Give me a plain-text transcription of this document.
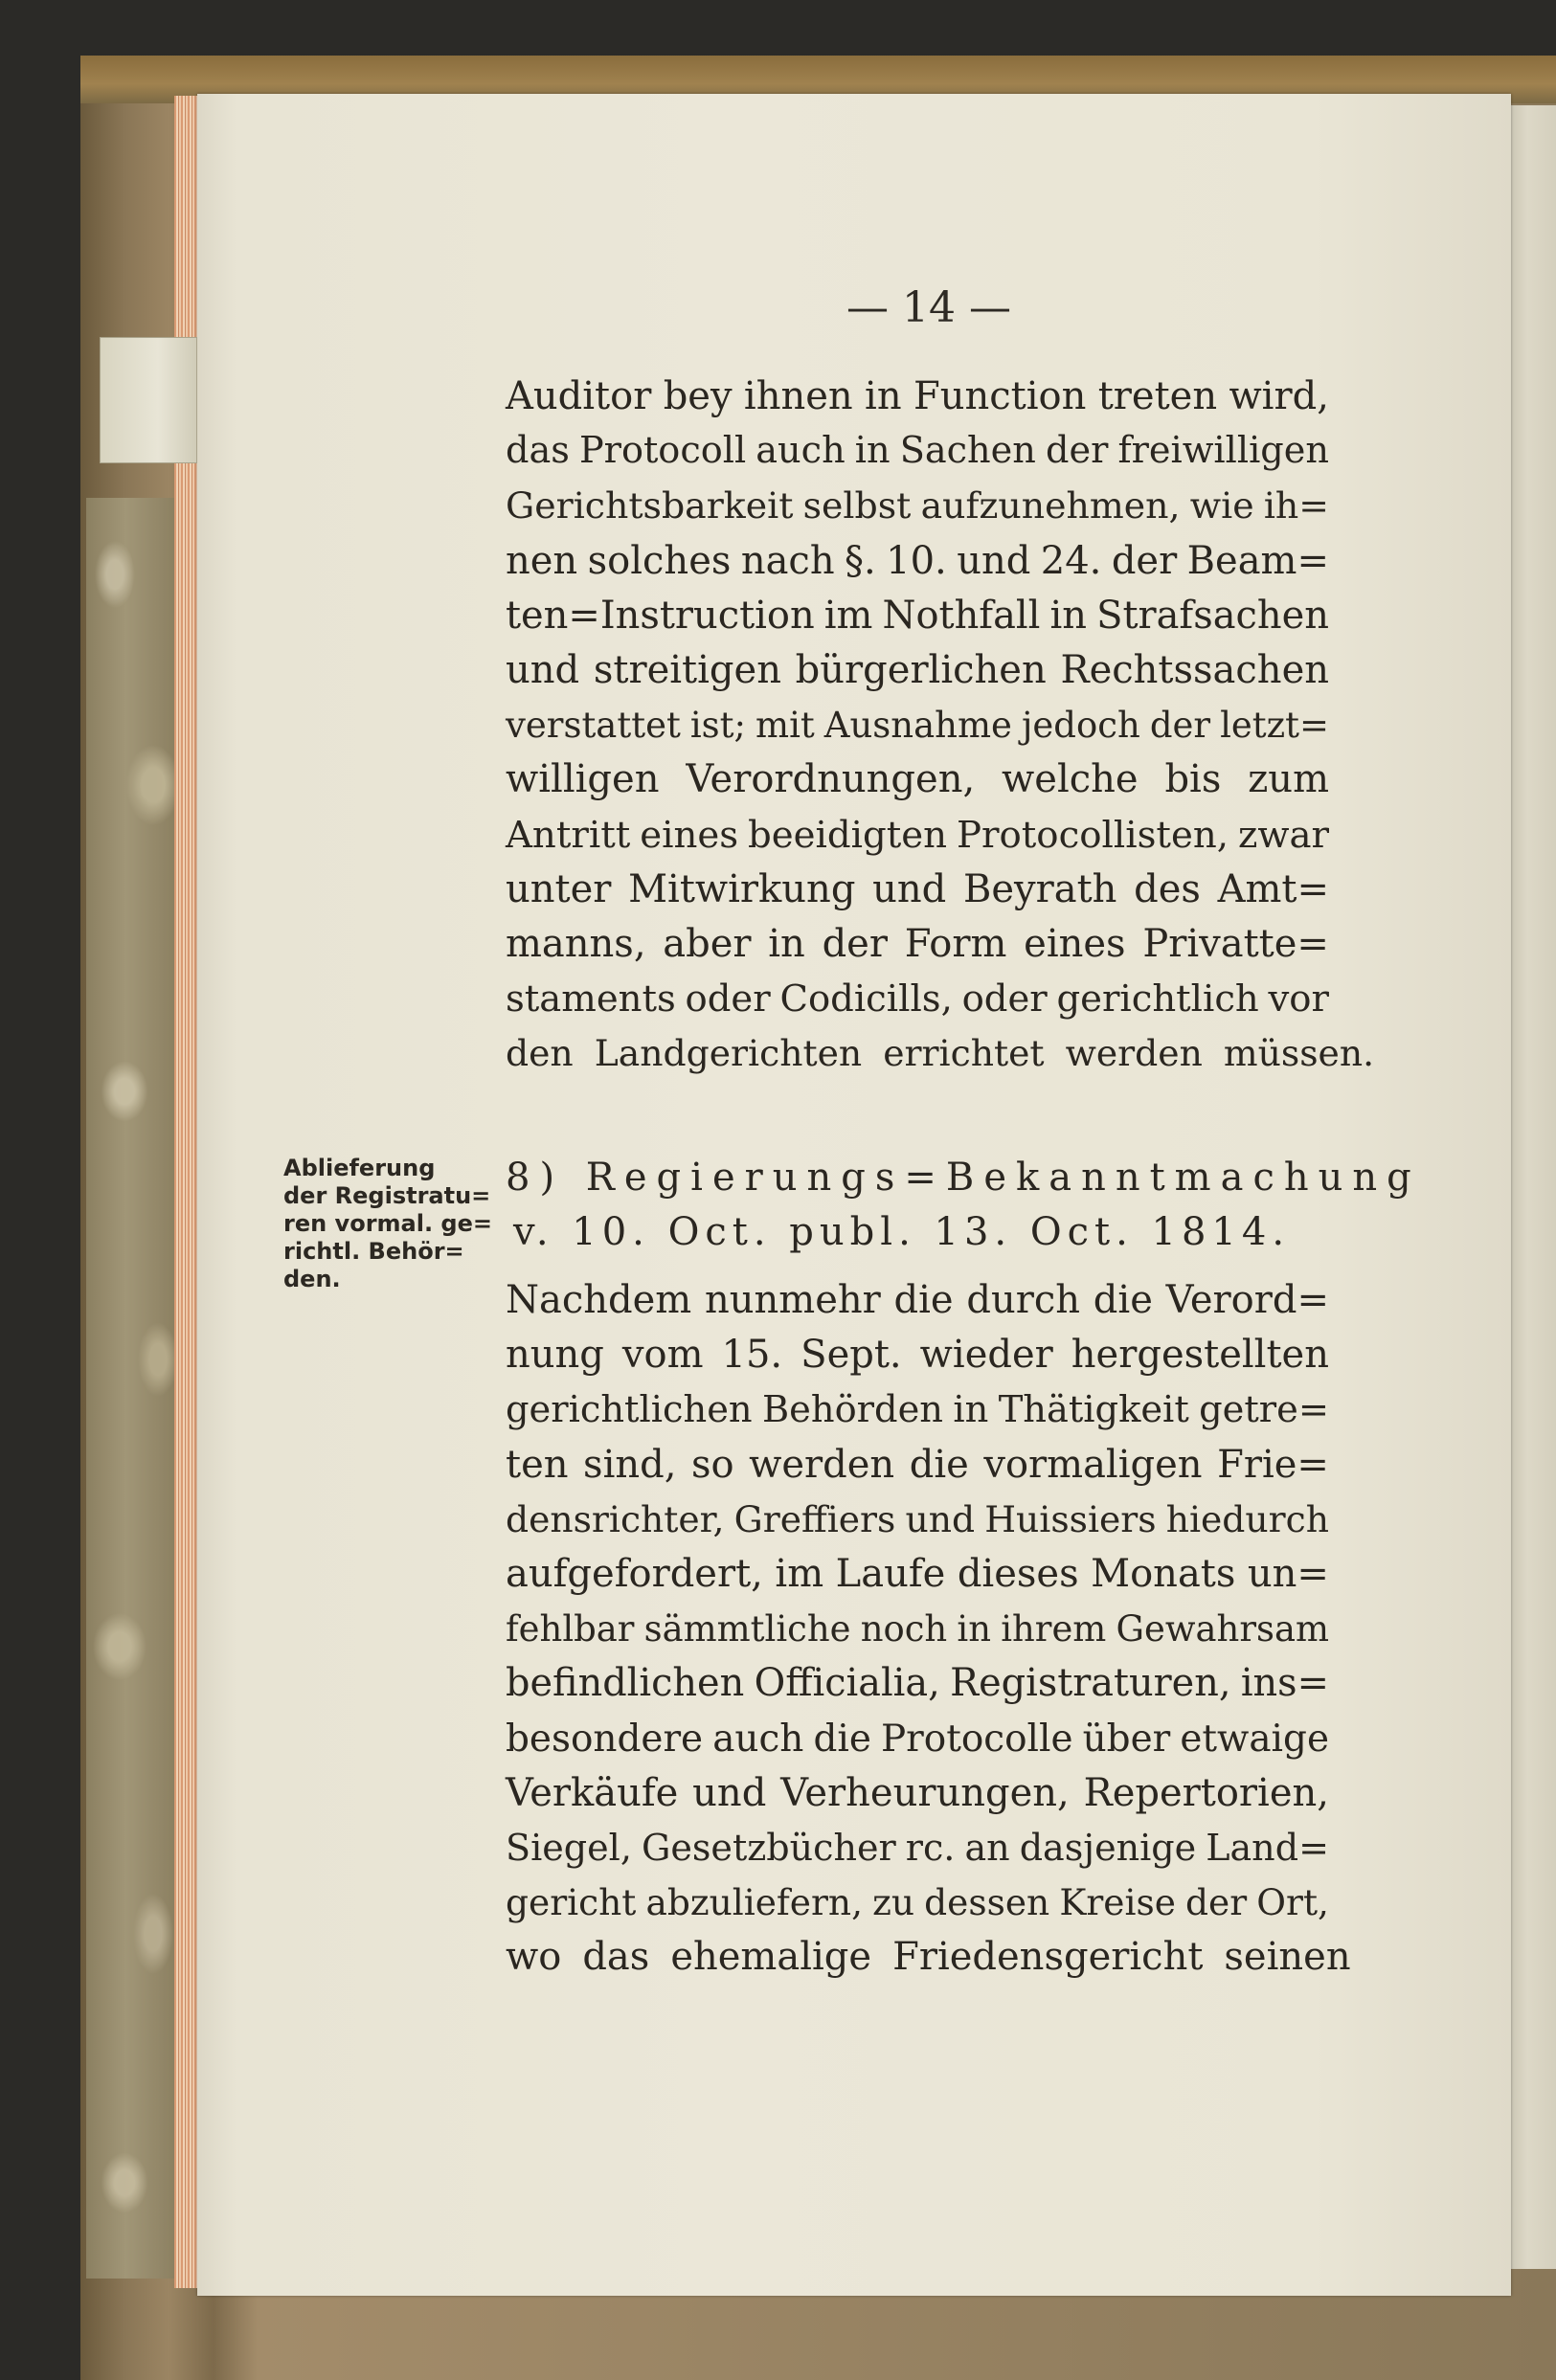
— 14 —
Auditor bey ihnen in Function treten wird,
das Protocoll auch in Sachen der freiwilligen
Gerichtsbarkeit selbst aufzunehmen, wie ih=
nen solches nach §. 10. und 24. der Beam=
ten=Instruction im Nothfall in Strafsachen
und streitigen bürgerlichen Rechtssachen
verstattet ist; mit Ausnahme jedoch der letzt=
willigen Verordnungen, welche bis zum
Antritt eines beeidigten Protocollisten, zwar
unter Mitwirkung und Beyrath des Amt=
manns, aber in der Form eines Privatte=
staments oder Codicills, oder gerichtlich vor
den Landgerichten errichtet werden müssen.
Ablieferung
der Registratu=
ren vormal. ge=
richtl. Behör=
den.
8) Regierungs=Bekanntmachung
v. 10. Oct. publ. 13. Oct. 1814.
Nachdem nunmehr die durch die Verord=
nung vom 15. Sept. wieder hergestellten
gerichtlichen Behörden in Thätigkeit getre=
ten sind, so werden die vormaligen Frie=
densrichter, Greffiers und Huissiers hiedurch
aufgefordert, im Laufe dieses Monats un=
fehlbar sämmtliche noch in ihrem Gewahrsam
befindlichen Officialia, Registraturen, ins=
besondere auch die Protocolle über etwaige
Verkäufe und Verheurungen, Repertorien,
Siegel, Gesetzbücher rc. an dasjenige Land=
gericht abzuliefern, zu dessen Kreise der Ort,
wo das ehemalige Friedensgericht seinen
